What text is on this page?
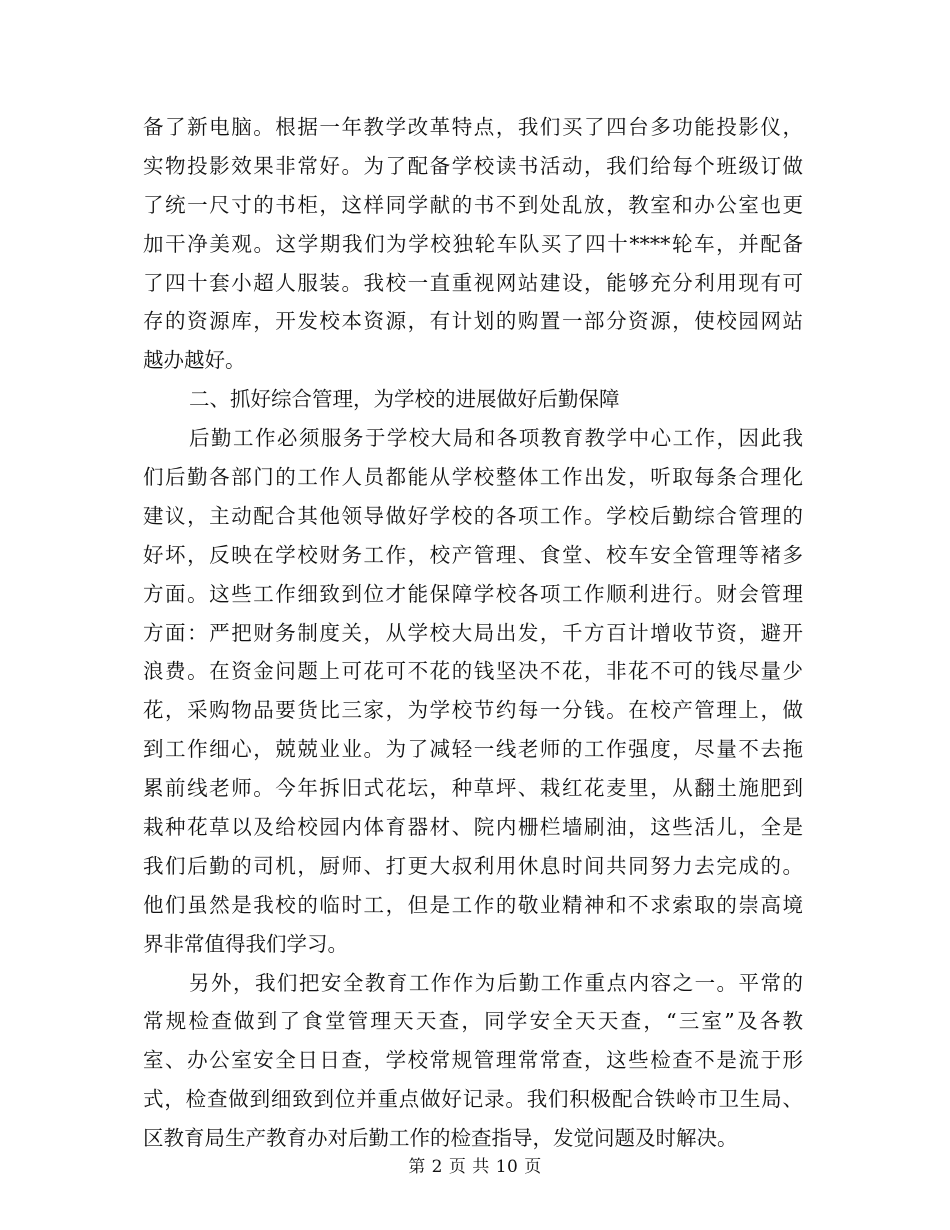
备了新电脑。根据一年教学改革特点，我们买了四台多功能投影仪，
实物投影效果非常好。为了配备学校读书活动，我们给每个班级订做
了统一尺寸的书柜，这样同学献的书不到处乱放，教室和办公室也更
加干净美观。这学期我们为学校独轮车队买了四十****轮车，并配备
了四十套小超人服装。我校一直重视网站建设，能够充分利用现有可
存的资源库，开发校本资源，有计划的购置一部分资源，使校园网站
越办越好。
二、抓好综合管理，为学校的进展做好后勤保障
后勤工作必须服务于学校大局和各项教育教学中心工作，因此我
们后勤各部门的工作人员都能从学校整体工作出发，听取每条合理化
建议，主动配合其他领导做好学校的各项工作。学校后勤综合管理的
好坏，反映在学校财务工作，校产管理、食堂、校车安全管理等褚多
方面。这些工作细致到位才能保障学校各项工作顺利进行。财会管理
方面：严把财务制度关，从学校大局出发，千方百计增收节资，避开
浪费。在资金问题上可花可不花的钱坚决不花，非花不可的钱尽量少
花，采购物品要货比三家，为学校节约每一分钱。在校产管理上，做
到工作细心，兢兢业业。为了减轻一线老师的工作强度，尽量不去拖
累前线老师。今年拆旧式花坛，种草坪、栽红花麦里，从翻土施肥到
栽种花草以及给校园内体育器材、院内栅栏墙刷油，这些活儿，全是
我们后勤的司机，厨师、打更大叔利用休息时间共同努力去完成的。
他们虽然是我校的临时工，但是工作的敬业精神和不求索取的崇高境
界非常值得我们学习。
另外，我们把安全教育工作作为后勤工作重点内容之一。平常的
常规检查做到了食堂管理天天查，同学安全天天查，“三室”及各教
室、办公室安全日日查，学校常规管理常常查，这些检查不是流于形
式，检查做到细致到位并重点做好记录。我们积极配合铁岭市卫生局、
区教育局生产教育办对后勤工作的检查指导，发觉问题及时解决。
第 2 页 共 10 页
